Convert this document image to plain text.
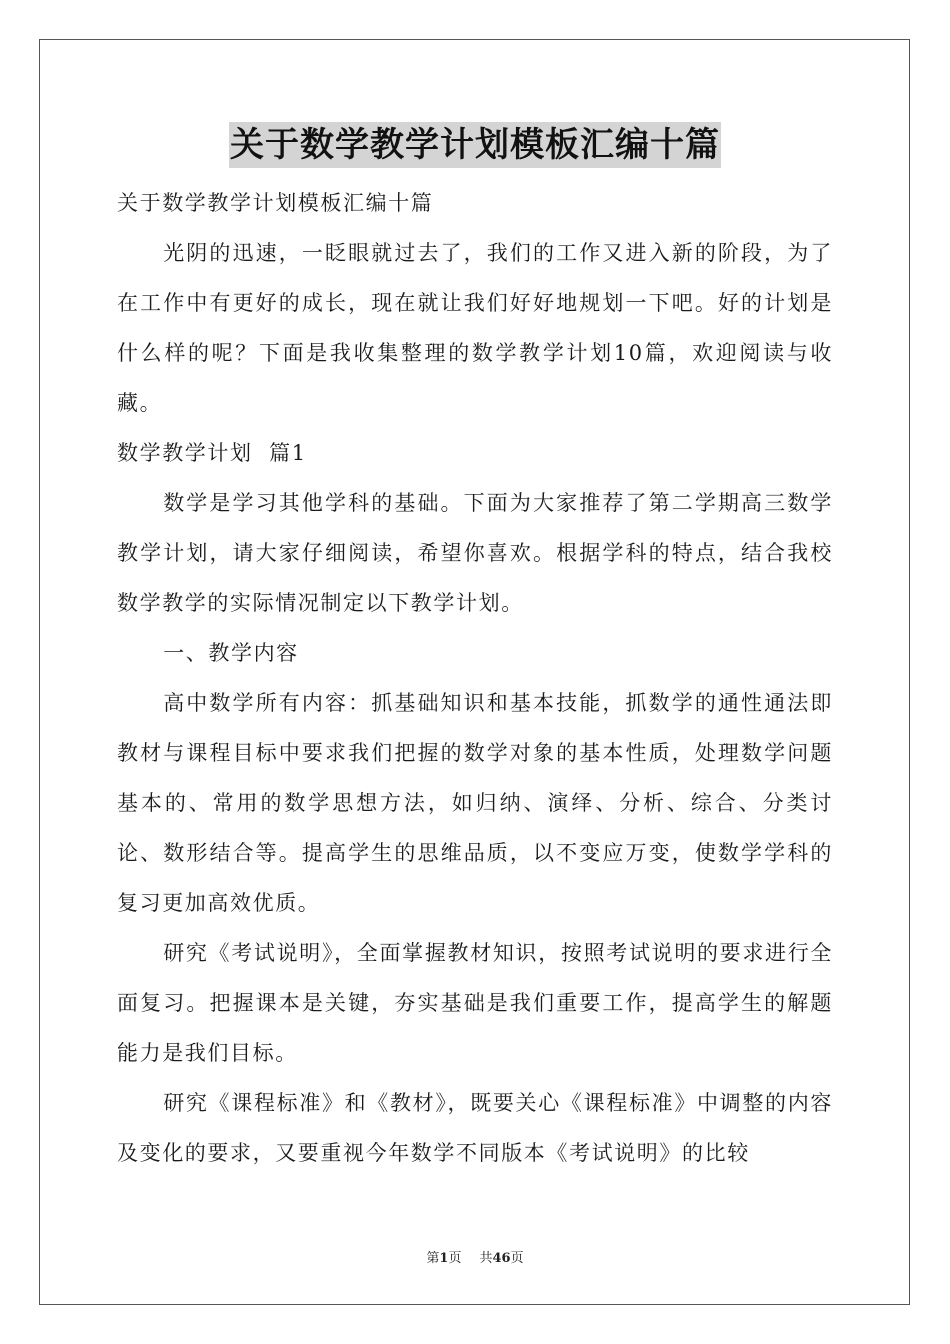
关于数学教学计划模板汇编十篇

关于数学教学计划模板汇编十篇

光阴的迅速，一眨眼就过去了，我们的工作又进入新的阶段，为了在工作中有更好的成长，现在就让我们好好地规划一下吧。好的计划是什么样的呢？下面是我收集整理的数学教学计划10篇，欢迎阅读与收藏。

数学教学计划  篇1

数学是学习其他学科的基础。下面为大家推荐了第二学期高三数学教学计划，请大家仔细阅读，希望你喜欢。根据学科的特点，结合我校数学教学的实际情况制定以下教学计划。

一、教学内容

高中数学所有内容：抓基础知识和基本技能，抓数学的通性通法即教材与课程目标中要求我们把握的数学对象的基本性质，处理数学问题基本的、常用的数学思想方法，如归纳、演绎、分析、综合、分类讨论、数形结合等。提高学生的思维品质，以不变应万变，使数学学科的复习更加高效优质。

研究《考试说明》，全面掌握教材知识，按照考试说明的要求进行全面复习。把握课本是关键，夯实基础是我们重要工作，提高学生的解题能力是我们目标。

研究《课程标准》和《教材》，既要关心《课程标准》中调整的内容及变化的要求，又要重视今年数学不同版本《考试说明》的比较

第1页 共46页
